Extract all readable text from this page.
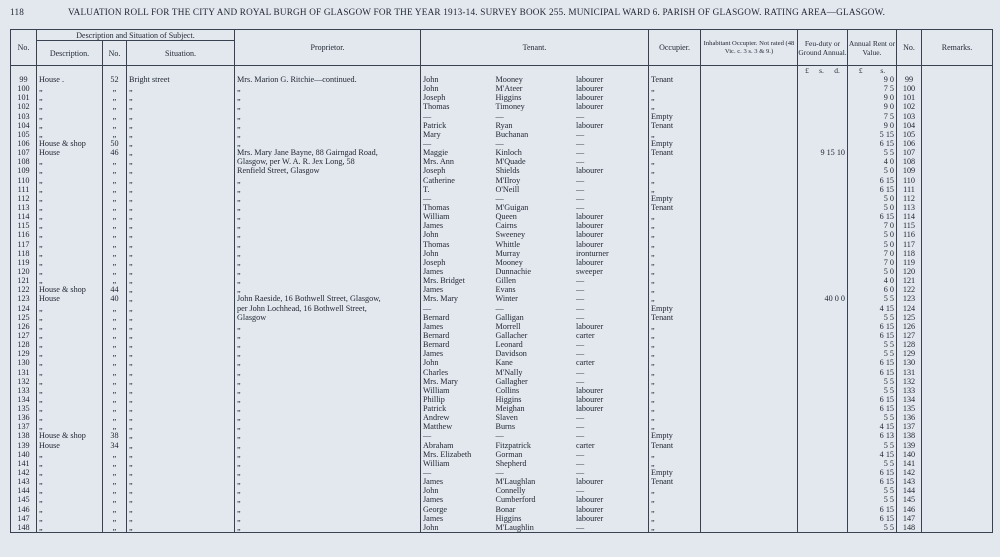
118	VALUATION ROLL FOR THE CITY AND ROYAL BURGH OF GLASGOW FOR THE YEAR 1913-14. SURVEY BOOK 255. MUNICIPAL WARD 6. PARISH OF GLASGOW. RATING AREA—GLASGOW.
No.	Description and Situation of Subject.			Proprietor.	Tenant.	Occupier.	Inhabitant Occupier. Not rated (48 Vic. c. 3 s. 3 & 9.)	Feu-duty or Ground Annual.	Annual Rent or Value.	No.	Remarks.
	Description.	No.	Situation.								

								£ s. d.	£ s.		

99	House .	52	Bright street	Mrs. Marion G. Ritchie—continued.	John Mooney labourer	Tenant			9 0	99	
100	„	„	„	„	John M'Ateer labourer	„			7 5	100	
101	„	„	„	„	Joseph Higgins labourer	„			9 0	101	
102	„	„	„	„	Thomas Timoney labourer	„			9 0	102	
103	„	„	„	„	— — —	Empty			7 5	103	
104	„	„	„	„	Patrick Ryan labourer	Tenant			9 0	104	
105	„	„	„	„	Mary Buchanan —	„			5 15	105	
106	House & shop	50	„	„	— — —	Empty			6 15	106	
107	House	46	„	Mrs. Mary Jane Bayne, 88 Gairngad Road,	Maggie Kinloch —	Tenant		9 15 10	5 5	107	
108	„	„	„	Glasgow, per W. A. R. Jex Long, 58	Mrs. Ann M'Quade —	„			4 0	108	
109	„	„	„	Renfield Street, Glasgow	Joseph Shields labourer	„			5 0	109	
110	„	„	„	„	Catherine M'Ilroy —	„			6 15	110	
111	„	„	„	„	T. O'Neill —	„			6 15	111	
112	„	„	„	„	— — —	Empty			5 0	112	
113	„	„	„	„	Thomas M'Guigan —	Tenant			5 0	113	
114	„	„	„	„	William Queen labourer	„			6 15	114	
115	„	„	„	„	James Cairns labourer	„			7 0	115	
116	„	„	„	„	John Sweeney labourer	„			5 0	116	
117	„	„	„	„	Thomas Whittle labourer	„			5 0	117	
118	„	„	„	„	John Murray ironturner	„			7 0	118	
119	„	„	„	„	Joseph Mooney labourer	„			7 0	119	
120	„	„	„	„	James Dunnachie sweeper	„			5 0	120	
121	„	„	„	„	Mrs. Bridget Gillen —	„			4 0	121	
122	House & shop	44	„	„	James Evans —	„			6 0	122	
123	House	40	„	John Raeside, 16 Bothwell Street, Glasgow,	Mrs. Mary Winter —	„		40 0 0	5 5	123	
124	„	„	„	per John Lochhead, 16 Bothwell Street,	— — —	Empty			4 15	124	
125	„	„	„	Glasgow	Bernard Galligan —	Tenant			5 5	125	
126	„	„	„	„	James Morrell labourer	„			6 15	126	
127	„	„	„	„	Bernard Gallacher carter	„			6 15	127	
128	„	„	„	„	Bernard Leonard —	„			5 5	128	
129	„	„	„	„	James Davidson —	„			5 5	129	
130	„	„	„	„	John Kane carter	„			6 15	130	
131	„	„	„	„	Charles M'Nally —	„			6 15	131	
132	„	„	„	„	Mrs. Mary Gallagher —	„			5 5	132	
133	„	„	„	„	William Collins labourer	„			5 5	133	
134	„	„	„	„	Phillip Higgins labourer	„			6 15	134	
135	„	„	„	„	Patrick Meighan labourer	„			6 15	135	
136	„	„	„	„	Andrew Slaven —	„			5 5	136	
137	„	„	„	„	Matthew Burns —	„			4 15	137	
138	House & shop	38	„	„	— — —	Empty			6 13	138	
139	House	34	„	„	Abraham Fitzpatrick carter	Tenant			5 5	139	
140	„	„	„	„	Mrs. Elizabeth Gorman —	„			4 15	140	
141	„	„	„	„	William Shepherd —	„			5 5	141	
142	„	„	„	„	— — —	Empty			6 15	142	
143	„	„	„	„	James M'Laughlan labourer	Tenant			6 15	143	
144	„	„	„	„	John Connelly —	„			5 5	144	
145	„	„	„	„	James Cumberford labourer	„			5 5	145	
146	„	„	„	„	George Bonar labourer	„			6 15	146	
147	„	„	„	„	James Higgins labourer	„			6 15	147	
148	„	„	„	„	John M'Laughlin —	„			5 5	148	
